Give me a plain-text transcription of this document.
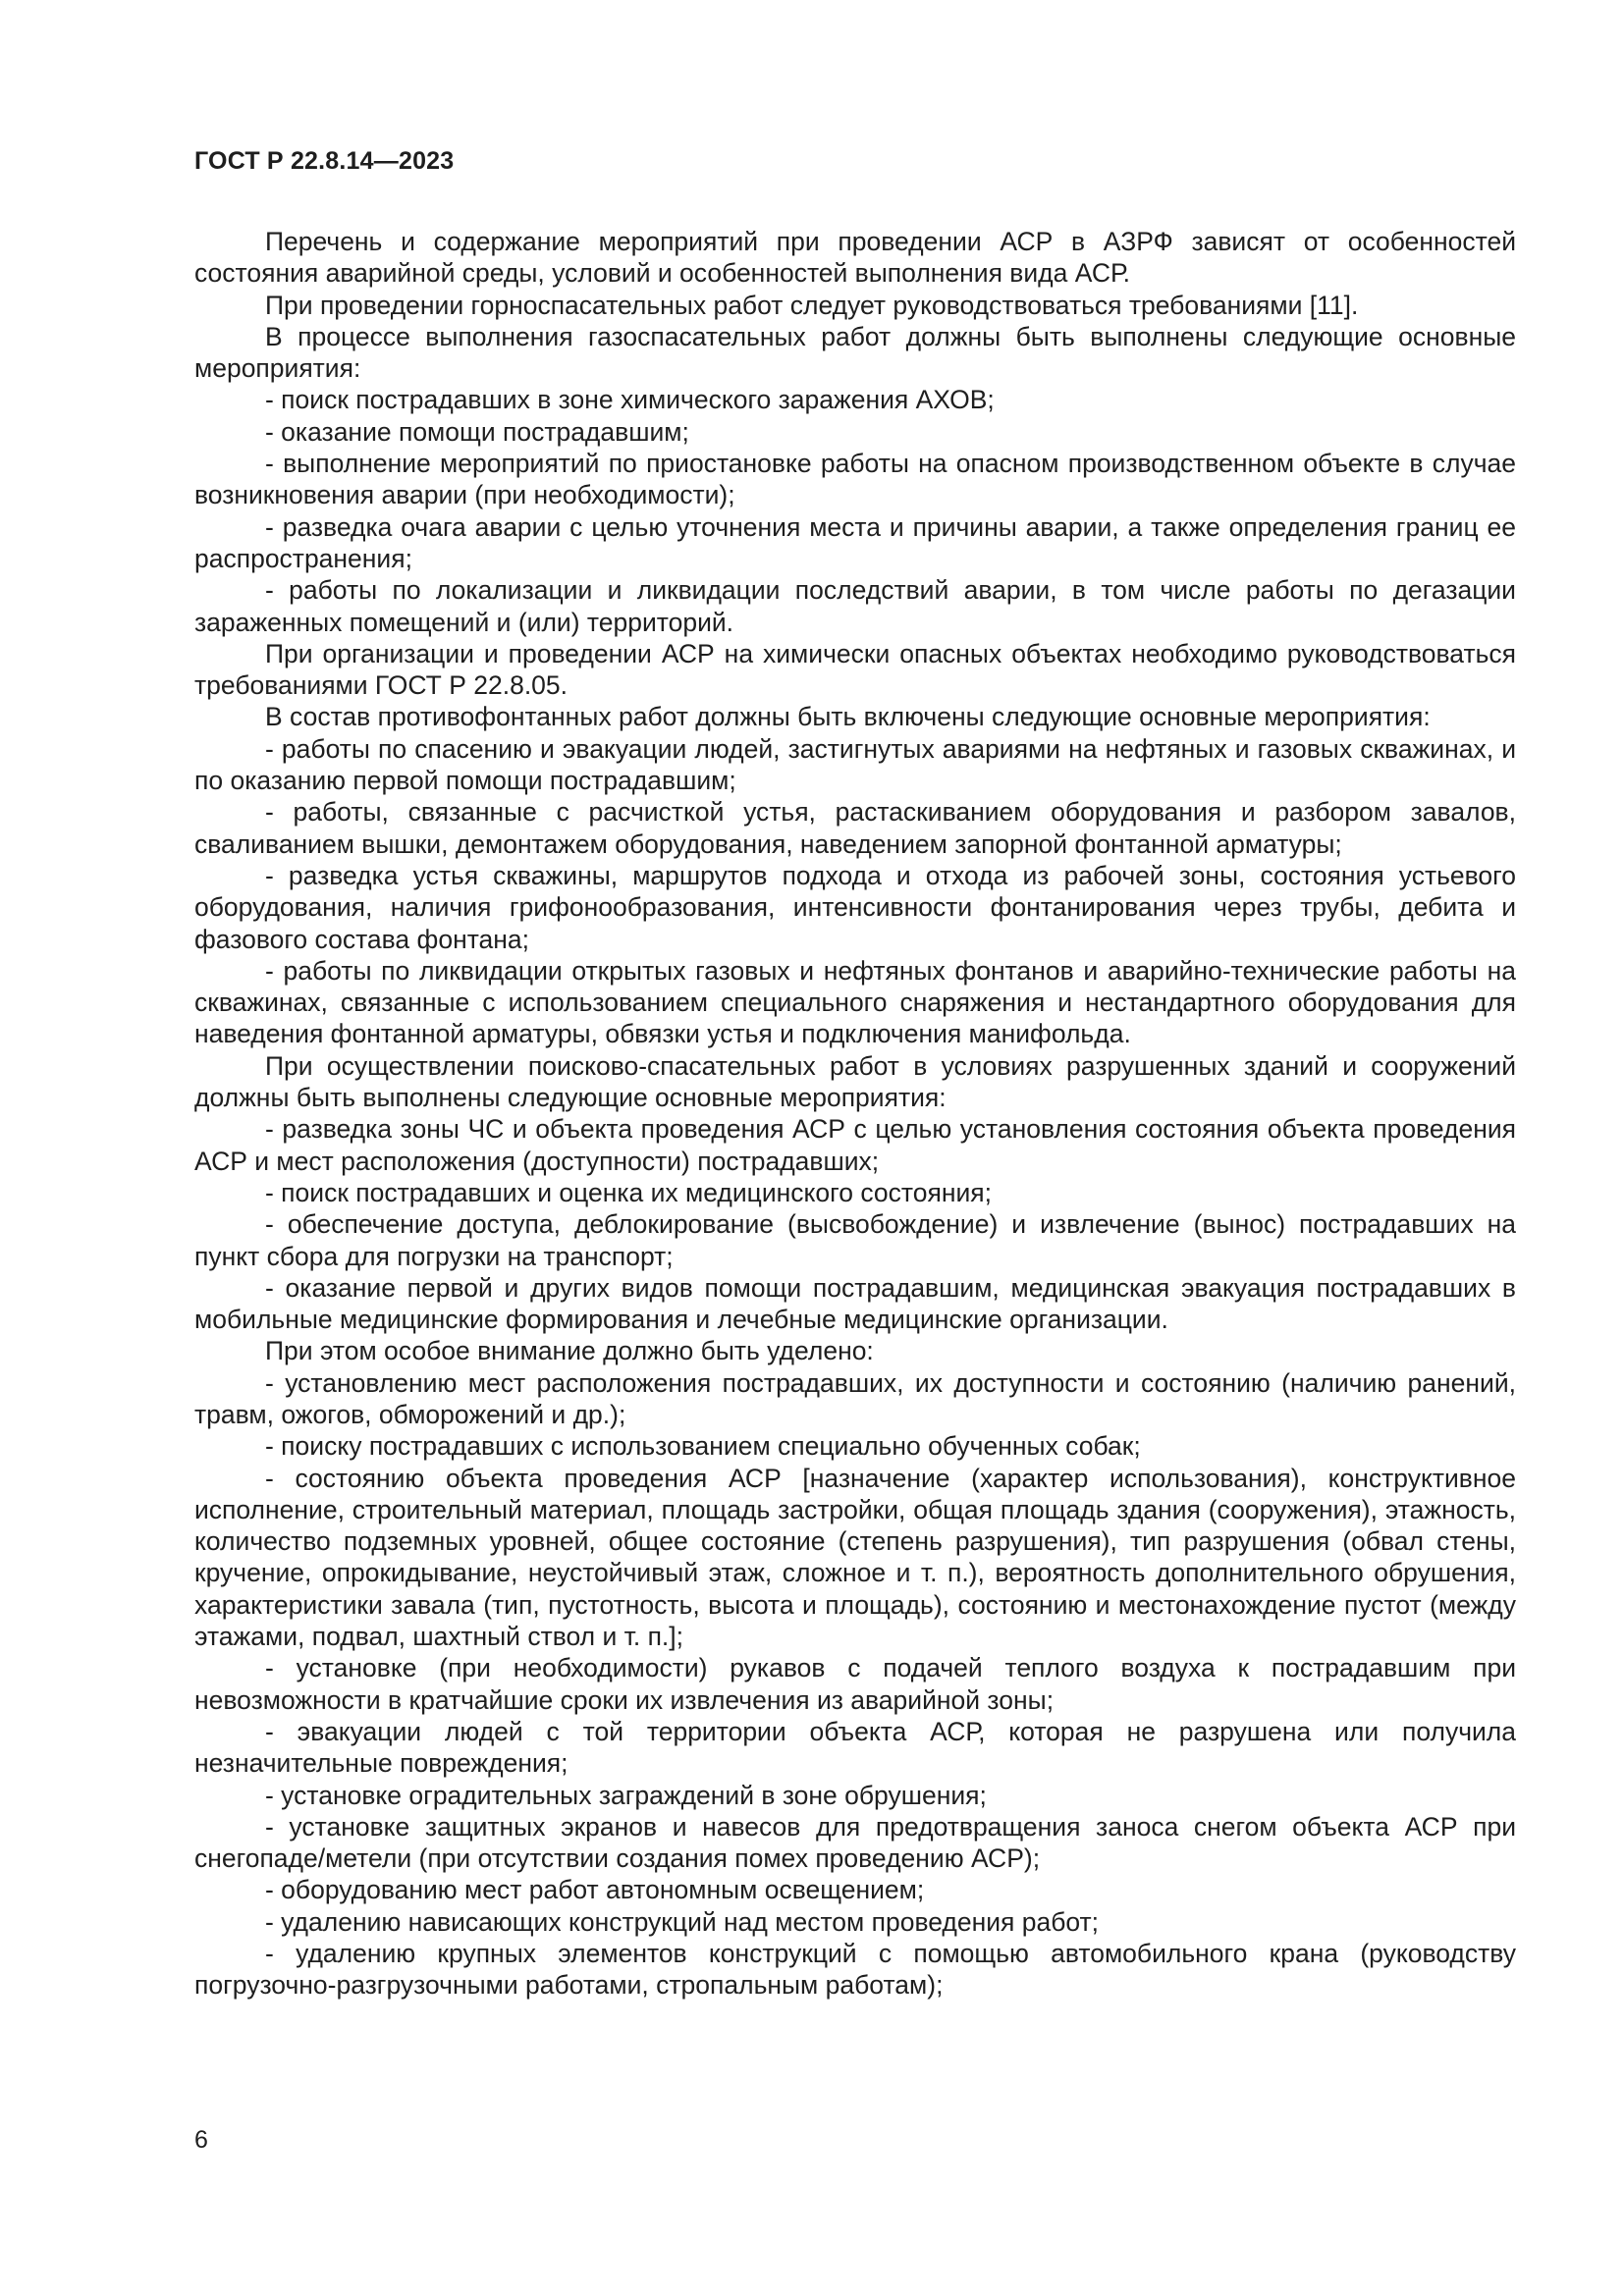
ГОСТ Р 22.8.14—2023

Перечень и содержание мероприятий при проведении АСР в АЗРФ зависят от особенностей состояния аварийной среды, условий и особенностей выполнения вида АСР.

При проведении горноспасательных работ следует руководствоваться требованиями [11].

В процессе выполнения газоспасательных работ должны быть выполнены следующие основные мероприятия:

- поиск пострадавших в зоне химического заражения АХОВ;

- оказание помощи пострадавшим;

- выполнение мероприятий по приостановке работы на опасном производственном объекте в случае возникновения аварии (при необходимости);

- разведка очага аварии с целью уточнения места и причины аварии, а также определения границ ее распространения;

- работы по локализации и ликвидации последствий аварии, в том числе работы по дегазации зараженных помещений и (или) территорий.

При организации и проведении АСР на химически опасных объектах необходимо руководствоваться требованиями ГОСТ Р 22.8.05.

В состав противофонтанных работ должны быть включены следующие основные мероприятия:

- работы по спасению и эвакуации людей, застигнутых авариями на нефтяных и газовых скважинах, и по оказанию первой помощи пострадавшим;

- работы, связанные с расчисткой устья, растаскиванием оборудования и разбором завалов, сваливанием вышки, демонтажем оборудования, наведением запорной фонтанной арматуры;

- разведка устья скважины, маршрутов подхода и отхода из рабочей зоны, состояния устьевого оборудования, наличия грифонообразования, интенсивности фонтанирования через трубы, дебита и фазового состава фонтана;

- работы по ликвидации открытых газовых и нефтяных фонтанов и аварийно-технические работы на скважинах, связанные с использованием специального снаряжения и нестандартного оборудования для наведения фонтанной арматуры, обвязки устья и подключения манифольда.

При осуществлении поисково-спасательных работ в условиях разрушенных зданий и сооружений должны быть выполнены следующие основные мероприятия:

- разведка зоны ЧС и объекта проведения АСР с целью установления состояния объекта проведения АСР и мест расположения (доступности) пострадавших;

- поиск пострадавших и оценка их медицинского состояния;

- обеспечение доступа, деблокирование (высвобождение) и извлечение (вынос) пострадавших на пункт сбора для погрузки на транспорт;

- оказание первой и других видов помощи пострадавшим, медицинская эвакуация пострадавших в мобильные медицинские формирования и лечебные медицинские организации.

При этом особое внимание должно быть уделено:

- установлению мест расположения пострадавших, их доступности и состоянию (наличию ранений, травм, ожогов, обморожений и др.);

- поиску пострадавших с использованием специально обученных собак;

- состоянию объекта проведения АСР [назначение (характер использования), конструктивное исполнение, строительный материал, площадь застройки, общая площадь здания (сооружения), этажность, количество подземных уровней, общее состояние (степень разрушения), тип разрушения (обвал стены, кручение, опрокидывание, неустойчивый этаж, сложное и т. п.), вероятность дополнительного обрушения, характеристики завала (тип, пустотность, высота и площадь), состоянию и местонахождение пустот (между этажами, подвал, шахтный ствол и т. п.];

- установке (при необходимости) рукавов с подачей теплого воздуха к пострадавшим при невозможности в кратчайшие сроки их извлечения из аварийной зоны;

- эвакуации людей с той территории объекта АСР, которая не разрушена или получила незначительные повреждения;

- установке оградительных заграждений в зоне обрушения;

- установке защитных экранов и навесов для предотвращения заноса снегом объекта АСР при снегопаде/метели (при отсутствии создания помех проведению АСР);

- оборудованию мест работ автономным освещением;

- удалению нависающих конструкций над местом проведения работ;

- удалению крупных элементов конструкций с помощью автомобильного крана (руководству погрузочно-разгрузочными работами, стропальным работам);

6
